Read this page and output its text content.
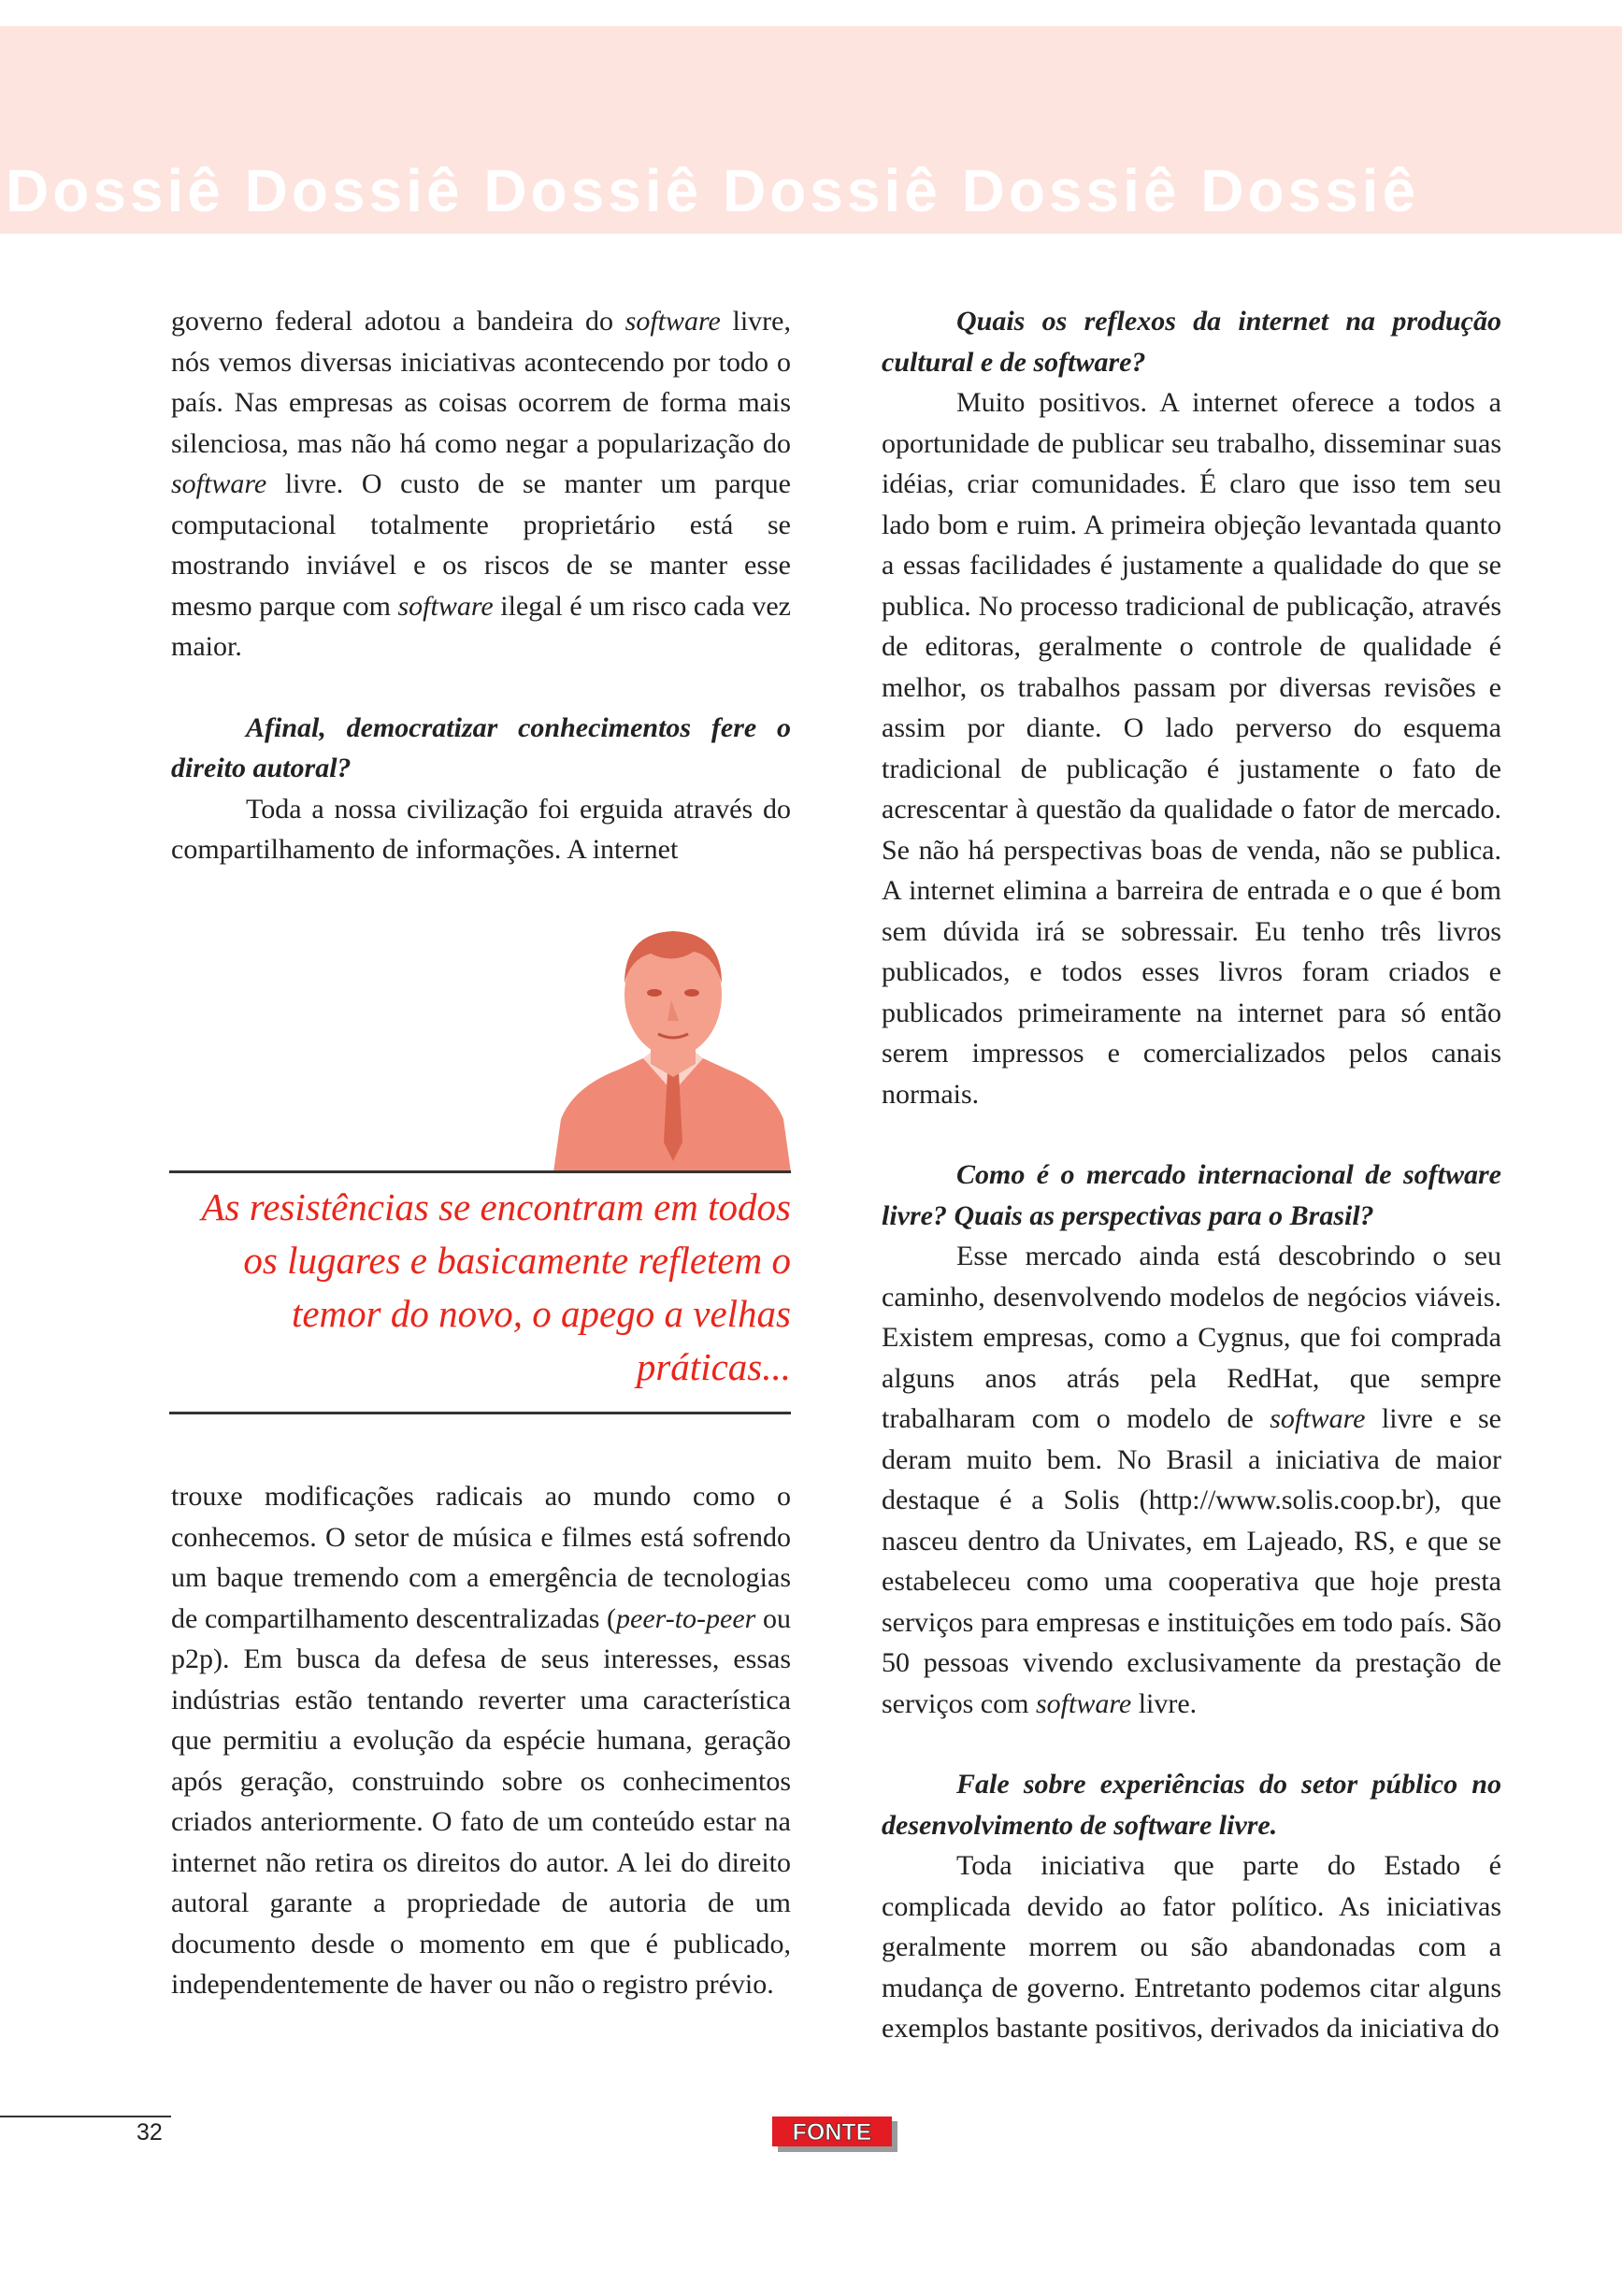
Dossiê Dossiê Dossiê Dossiê Dossiê Dossiê

governo federal adotou a bandeira do software livre, nós vemos diversas iniciativas acontecendo por todo o país. Nas empresas as coisas ocorrem de forma mais silenciosa, mas não há como negar a popularização do software livre. O custo de se manter um parque computacional totalmente proprietário está se mostrando inviável e os riscos de se manter esse mesmo parque com software ilegal é um risco cada vez maior.

Afinal, democratizar conhecimentos fere o direito autoral?

Toda a nossa civilização foi erguida através do compartilhamento de informações. A internet

As resistências se encontram em todos os lugares e basicamente refletem o temor do novo, o apego a velhas práticas...

trouxe modificações radicais ao mundo como o conhecemos. O setor de música e filmes está sofrendo um baque tremendo com a emergência de tecnologias de compartilhamento descentralizadas (peer-to-peer ou p2p). Em busca da defesa de seus interesses, essas indústrias estão tentando reverter uma característica que permitiu a evolução da espécie humana, geração após geração, construindo sobre os conhecimentos criados anteriormente. O fato de um conteúdo estar na internet não retira os direitos do autor. A lei do direito autoral garante a propriedade de autoria de um documento desde o momento em que é publicado, independentemente de haver ou não o registro prévio.

Quais os reflexos da internet na produção cultural e de software?

Muito positivos. A internet oferece a todos a oportunidade de publicar seu trabalho, disseminar suas idéias, criar comunidades. É claro que isso tem seu lado bom e ruim. A primeira objeção levantada quanto a essas facilidades é justamente a qualidade do que se publica. No processo tradicional de publicação, através de editoras, geralmente o controle de qualidade é melhor, os trabalhos passam por diversas revisões e assim por diante. O lado perverso do esquema tradicional de publicação é justamente o fato de acrescentar à questão da qualidade o fator de mercado. Se não há perspectivas boas de venda, não se publica. A internet elimina a barreira de entrada e o que é bom sem dúvida irá se sobressair. Eu tenho três livros publicados, e todos esses livros foram criados e publicados primeiramente na internet para só então serem impressos e comercializados pelos canais normais.

Como é o mercado internacional de software livre? Quais as perspectivas para o Brasil?

Esse mercado ainda está descobrindo o seu caminho, desenvolvendo modelos de negócios viáveis. Existem empresas, como a Cygnus, que foi comprada alguns anos atrás pela RedHat, que sempre trabalharam com o modelo de software livre e se deram muito bem. No Brasil a iniciativa de maior destaque é a Solis (http://www.solis.coop.br), que nasceu dentro da Univates, em Lajeado, RS, e que se estabeleceu como uma cooperativa que hoje presta serviços para empresas e instituições em todo país. São 50 pessoas vivendo exclusivamente da prestação de serviços com software livre.

Fale sobre experiências do setor público no desenvolvimento de software livre.

Toda iniciativa que parte do Estado é complicada devido ao fator político. As iniciativas geralmente morrem ou são abandonadas com a mudança de governo. Entretanto podemos citar alguns exemplos bastante positivos, derivados da iniciativa do

32	FONTE
